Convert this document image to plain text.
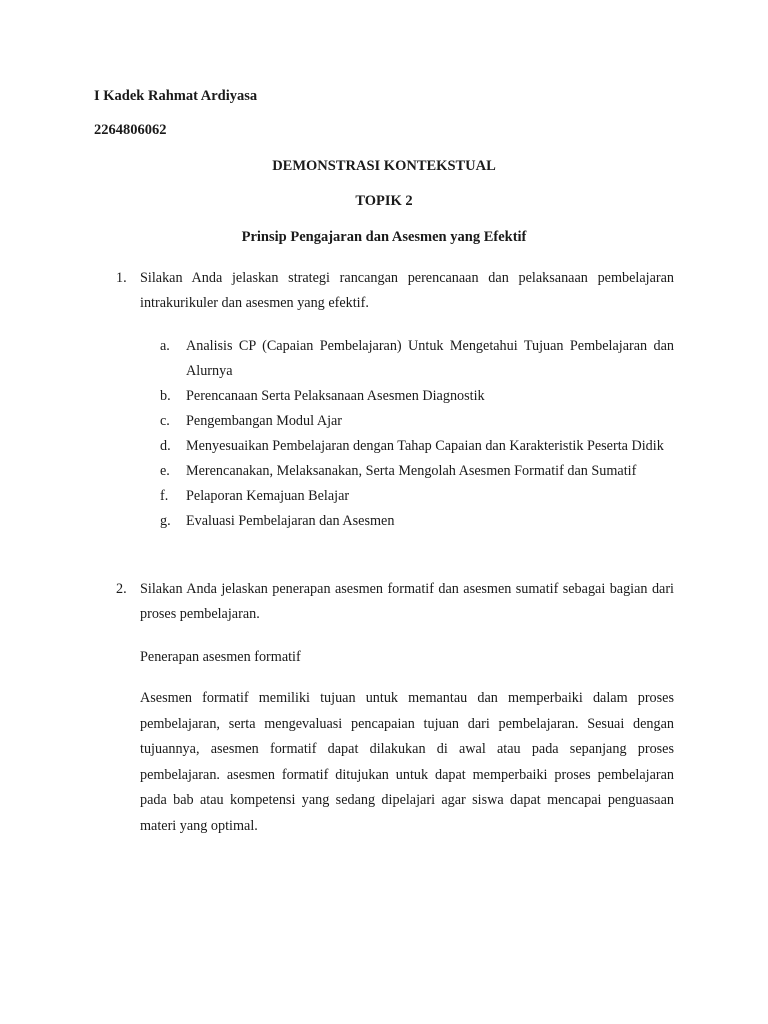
I Kadek Rahmat Ardiyasa
2264806062
DEMONSTRASI KONTEKSTUAL
TOPIK 2
Prinsip Pengajaran dan Asesmen yang Efektif
1. Silakan Anda jelaskan strategi rancangan perencanaan dan pelaksanaan pembelajaran intrakurikuler dan asesmen yang efektif.
a. Analisis CP (Capaian Pembelajaran) Untuk Mengetahui Tujuan Pembelajaran dan Alurnya
b. Perencanaan Serta Pelaksanaan Asesmen Diagnostik
c. Pengembangan Modul Ajar
d. Menyesuaikan Pembelajaran dengan Tahap Capaian dan Karakteristik Peserta Didik
e. Merencanakan, Melaksanakan, Serta Mengolah Asesmen Formatif dan Sumatif
f. Pelaporan Kemajuan Belajar
g. Evaluasi Pembelajaran dan Asesmen
2. Silakan Anda jelaskan penerapan asesmen formatif dan asesmen sumatif sebagai bagian dari proses pembelajaran.
Penerapan asesmen formatif
Asesmen formatif memiliki tujuan untuk memantau dan memperbaiki dalam proses pembelajaran, serta mengevaluasi pencapaian tujuan dari pembelajaran. Sesuai dengan tujuannya, asesmen formatif dapat dilakukan di awal atau pada sepanjang proses pembelajaran. asesmen formatif ditujukan untuk dapat memperbaiki proses pembelajaran pada bab atau kompetensi yang sedang dipelajari agar siswa dapat mencapai penguasaan materi yang optimal.
